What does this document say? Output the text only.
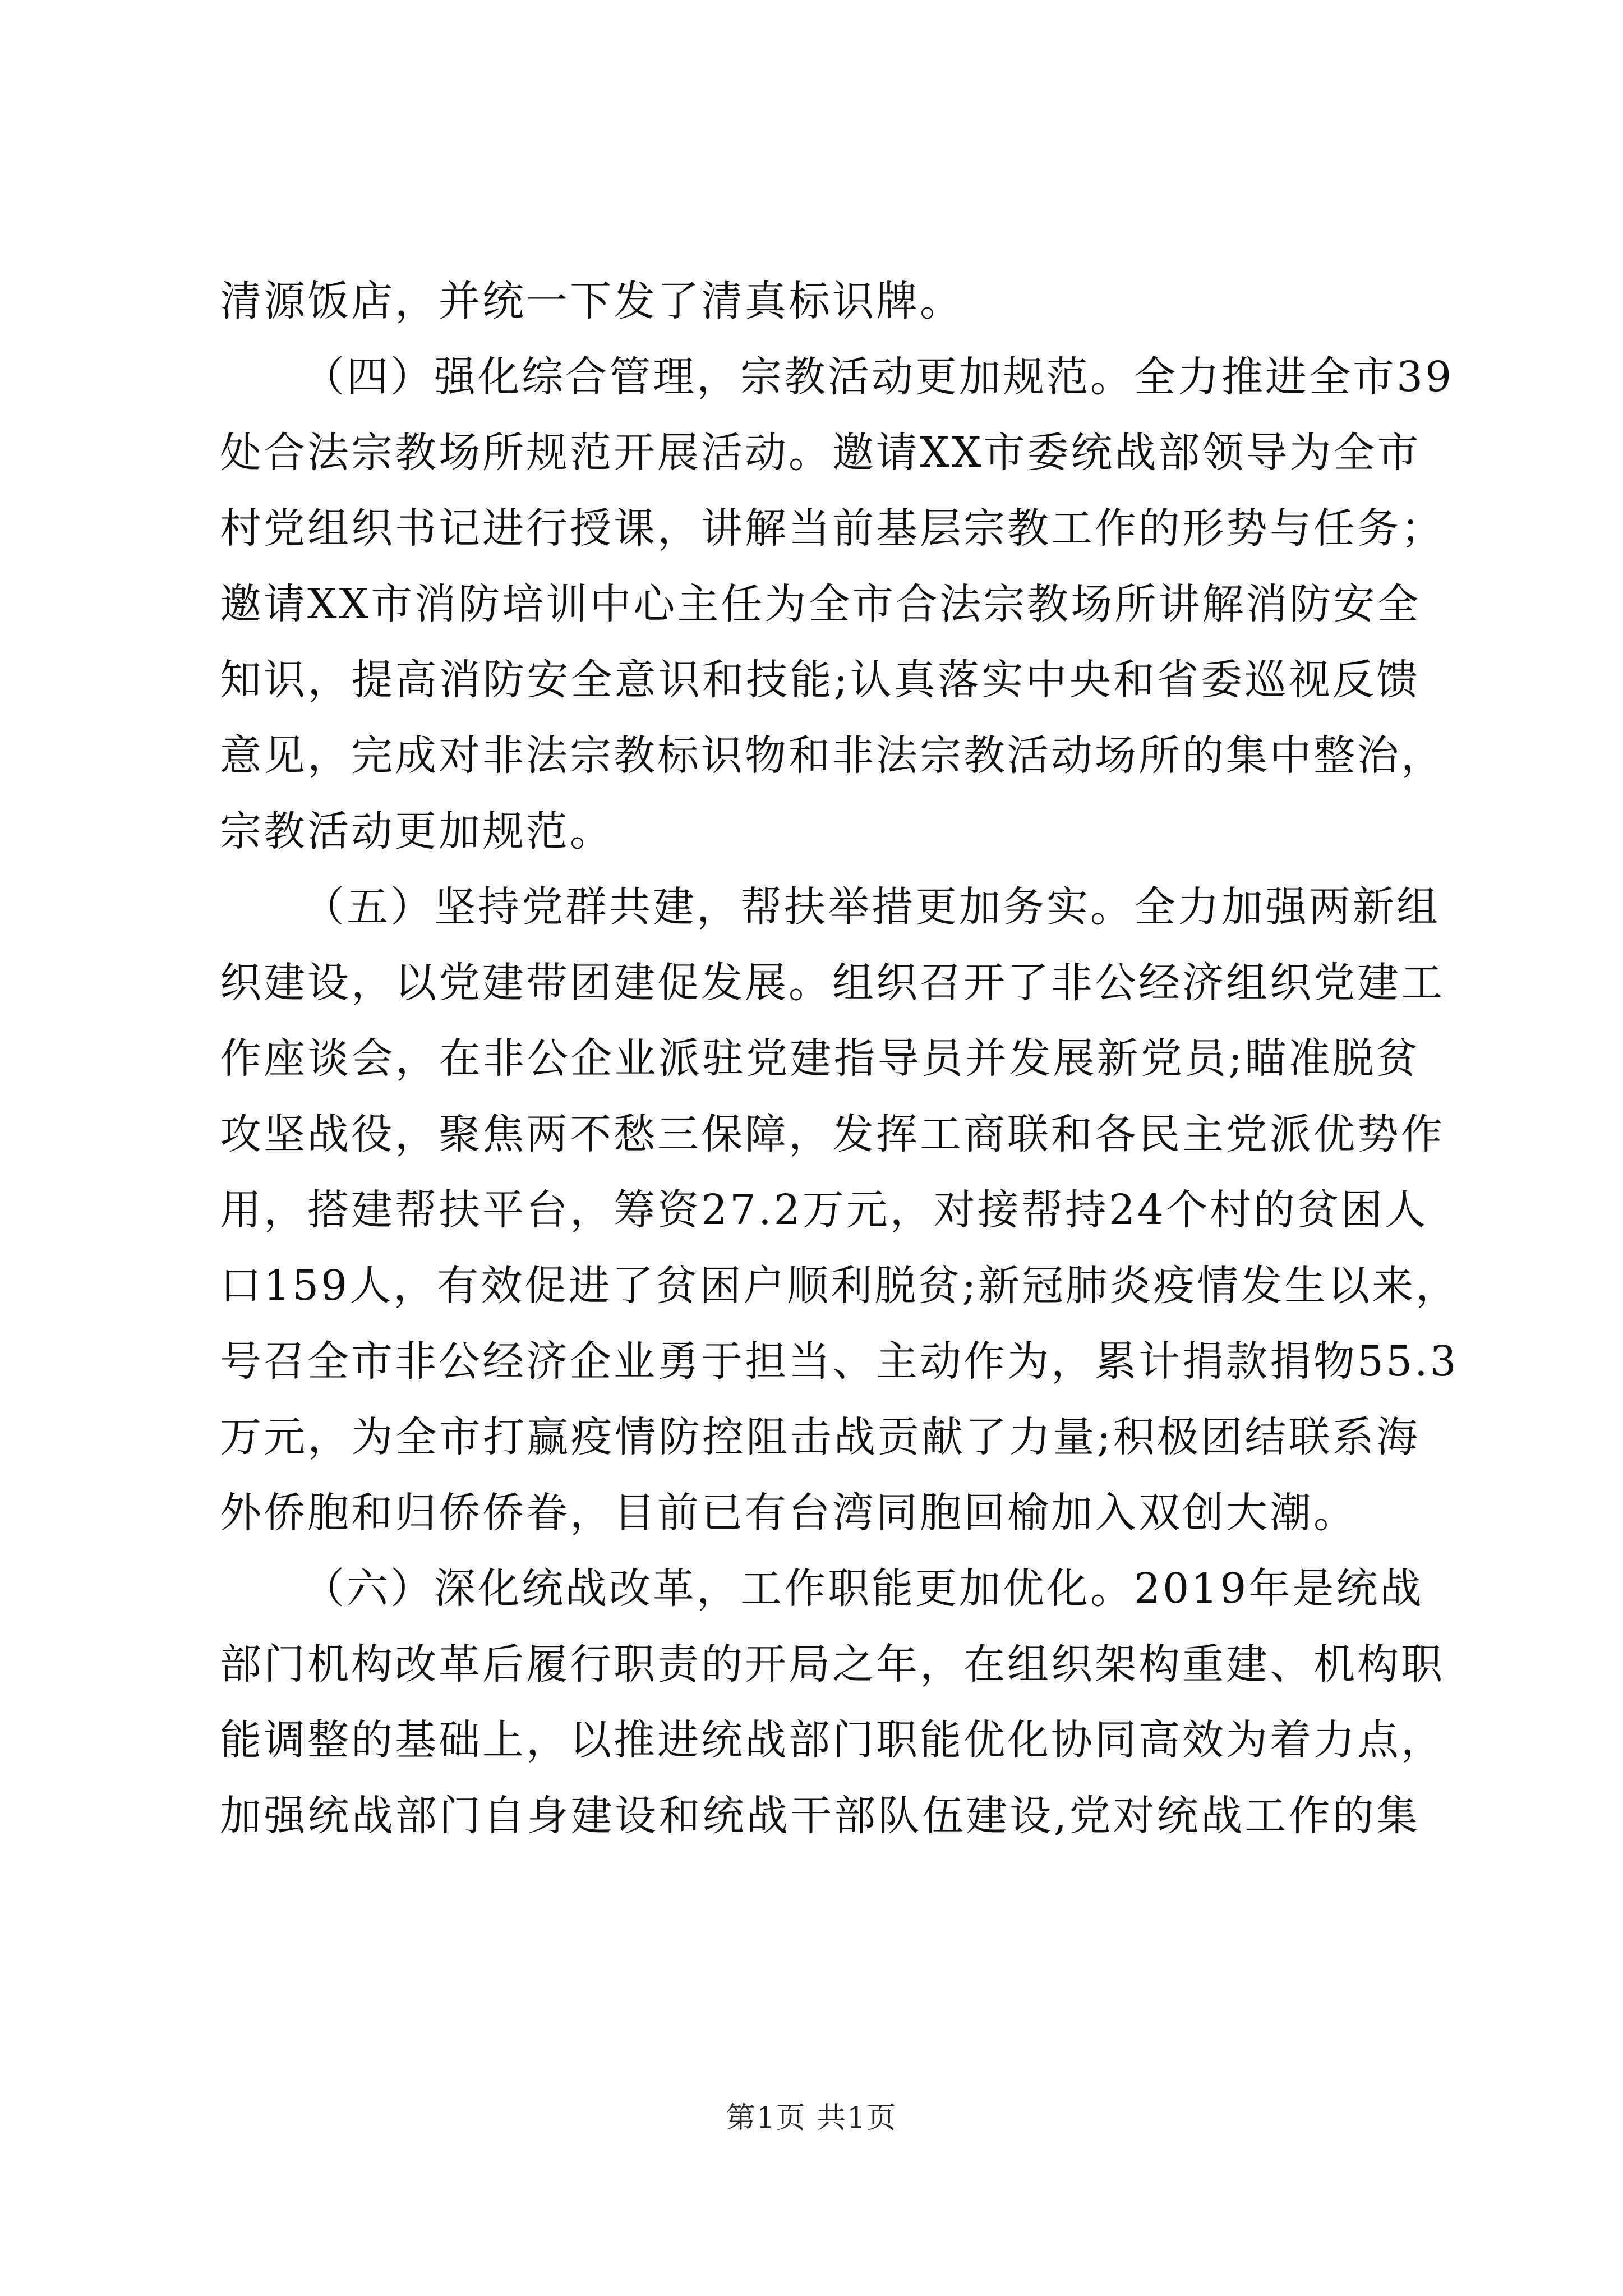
清源饭店，并统一下发了清真标识牌。
（四）强化综合管理，宗教活动更加规范。全力推进全市39
处合法宗教场所规范开展活动。邀请XX市委统战部领导为全市
村党组织书记进行授课，讲解当前基层宗教工作的形势与任务；
邀请XX市消防培训中心主任为全市合法宗教场所讲解消防安全
知识，提高消防安全意识和技能;认真落实中央和省委巡视反馈
意见，完成对非法宗教标识物和非法宗教活动场所的集中整治，
宗教活动更加规范。
（五）坚持党群共建，帮扶举措更加务实。全力加强两新组
织建设，以党建带团建促发展。组织召开了非公经济组织党建工
作座谈会，在非公企业派驻党建指导员并发展新党员;瞄准脱贫
攻坚战役，聚焦两不愁三保障，发挥工商联和各民主党派优势作
用，搭建帮扶平台，筹资27.2万元，对接帮持24个村的贫困人
口159人，有效促进了贫困户顺利脱贫;新冠肺炎疫情发生以来，
号召全市非公经济企业勇于担当、主动作为，累计捐款捐物55.3
万元，为全市打赢疫情防控阻击战贡献了力量;积极团结联系海
外侨胞和归侨侨眷，目前已有台湾同胞回榆加入双创大潮。
（六）深化统战改革，工作职能更加优化。2019年是统战
部门机构改革后履行职责的开局之年，在组织架构重建、机构职
能调整的基础上，以推进统战部门职能优化协同高效为着力点，
加强统战部门自身建设和统战干部队伍建设,党对统战工作的集
第1页 共1页
